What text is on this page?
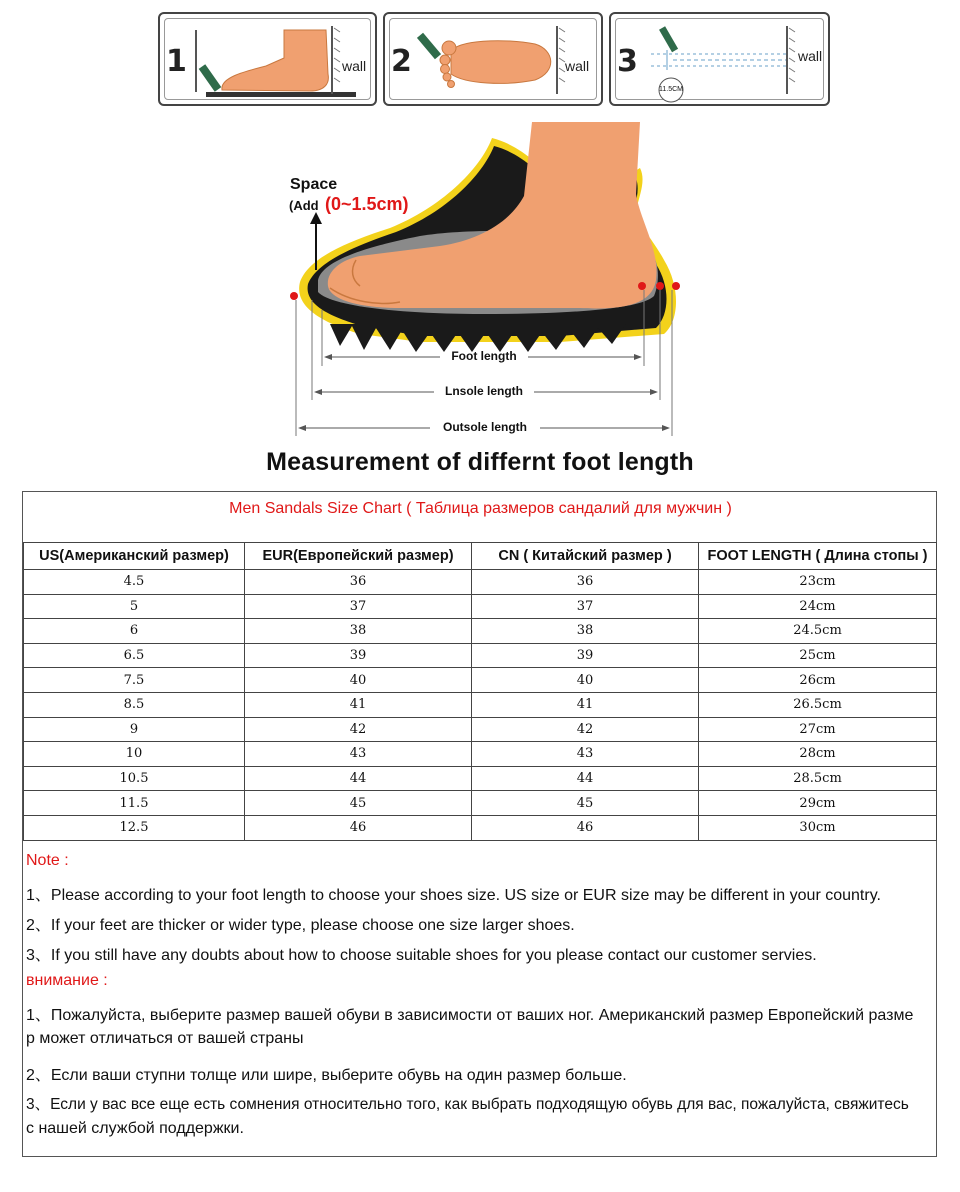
1	wall 2	wall 3	wall
11.5CM
Space
(Add (0~1.5cm)
Foot length
Lnsole length
Outsole length
Measurement of differnt foot length
Men Sandals Size Chart ( Таблица размеров сандалий для мужчин )
US(Американский размер)	EUR(Европейский размер)	CN ( Китайский размер )	FOOT LENGTH ( Длина стопы )
4.5	36	36	23cm
5	37	37	24cm
6	38	38	24.5cm
6.5	39	39	25cm
7.5	40	40	26cm
8.5	41	41	26.5cm
9	42	42	27cm
10	43	43	28cm
10.5	44	44	28.5cm
11.5	45	45	29cm
12.5	46	46	30cm
Note :
1、Please according to your foot length to choose your shoes size. US size or EUR size may be different in your country.
2、If your feet are thicker or wider type, please choose one size larger shoes.
3、If you still have any doubts about how to choose suitable shoes for you please contact our customer servies.
внимание :
1、Пожалуйста, выберите размер вашей обуви в зависимости от ваших ног. Американский размер Европейский разме
р может отличаться от вашей страны
2、Если ваши ступни толще или шире, выберите обувь на один размер больше.
3、Если у вас все еще есть сомнения относительно того, как выбрать подходящую обувь для вас, пожалуйста, свяжитесь
с нашей службой поддержки.
